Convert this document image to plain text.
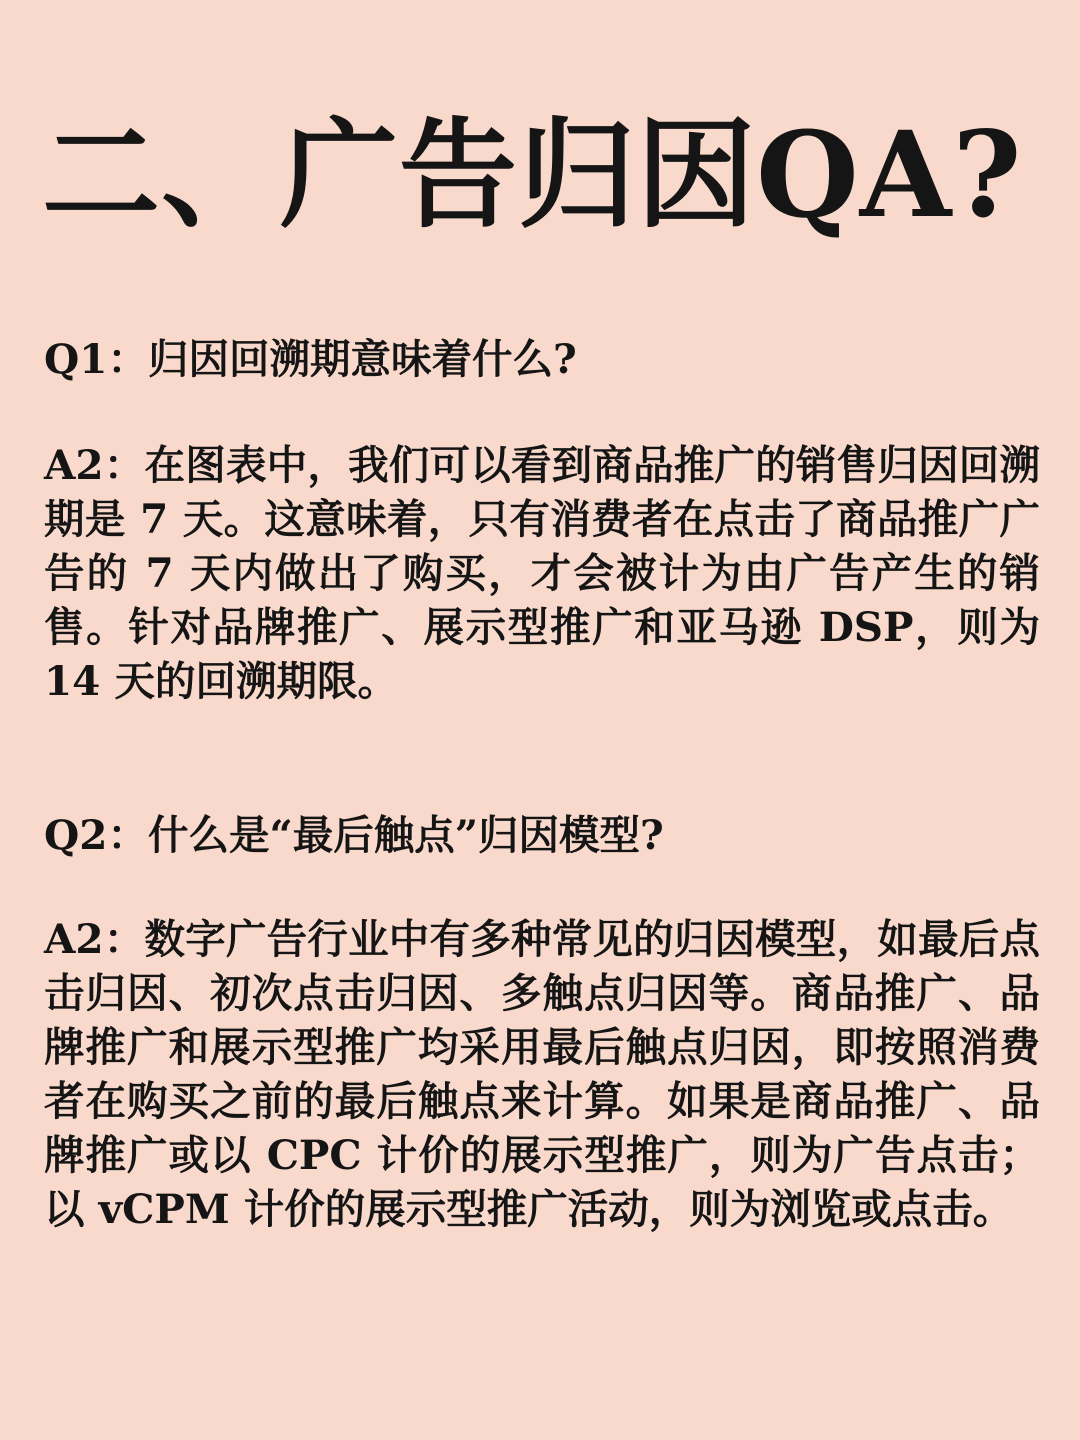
二、广告归因QA?

Q1：归因回溯期意味着什么?

A2：在图表中，我们可以看到商品推广的销售归因回溯期是 7 天。这意味着，只有消费者在点击了商品推广广告的 7 天内做出了购买，才会被计为由广告产生的销售。针对品牌推广、展示型推广和亚马逊 DSP，则为 14 天的回溯期限。

Q2：什么是“最后触点”归因模型?

A2：数字广告行业中有多种常见的归因模型，如最后点击归因、初次点击归因、多触点归因等。商品推广、品牌推广和展示型推广均采用最后触点归因，即按照消费者在购买之前的最后触点来计算。如果是商品推广、品牌推广或以 CPC 计价的展示型推广，则为广告点击；以 vCPM 计价的展示型推广活动，则为浏览或点击。
